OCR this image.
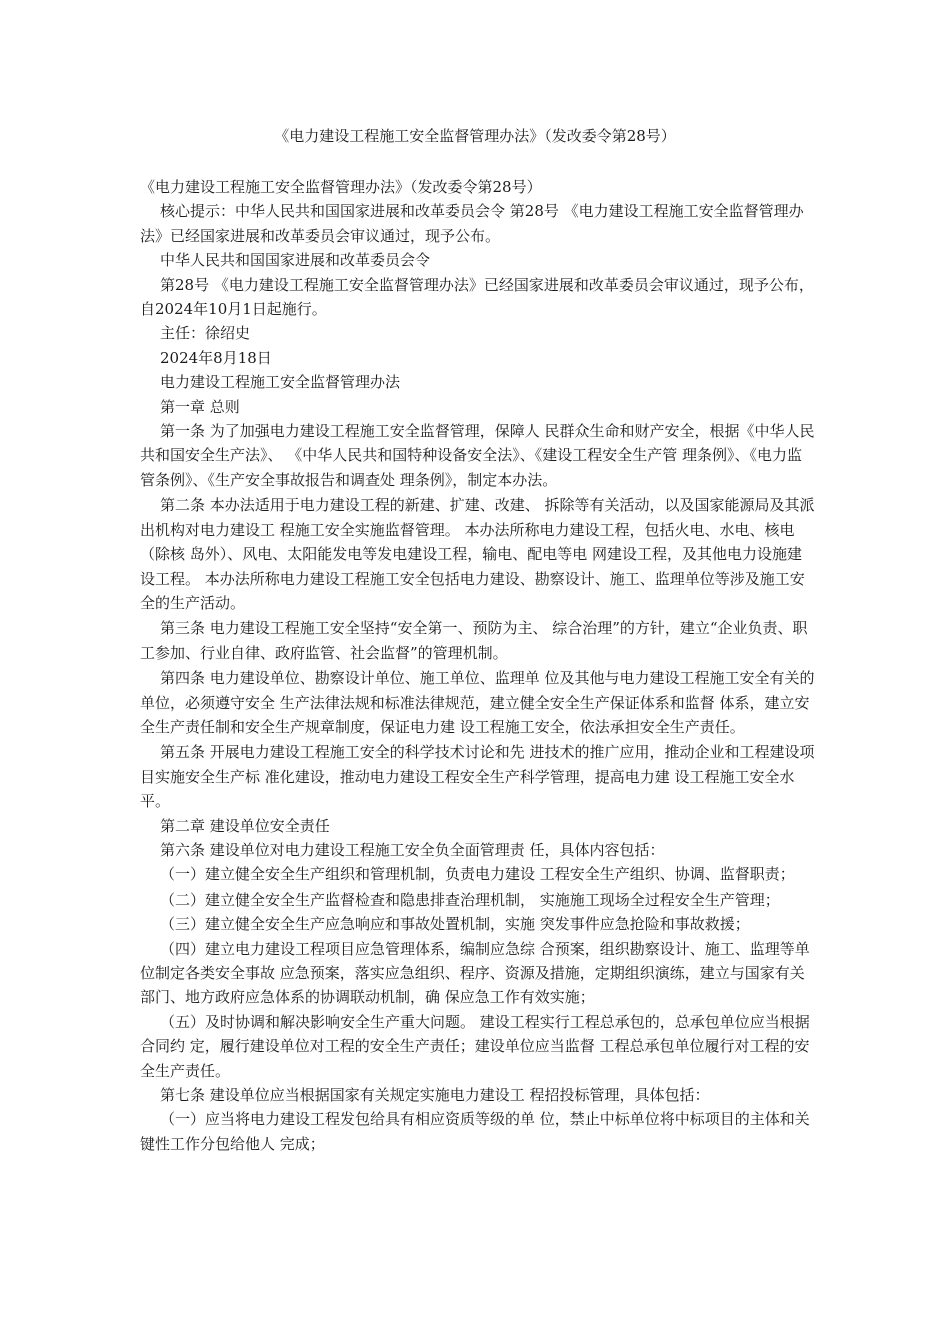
《电力建设工程施工安全监督管理办法》（发改委令第28号）

《电力建设工程施工安全监督管理办法》（发改委令第28号）

核心提示：中华人民共和国国家进展和改革委员会令 第28号 《电力建设工程施工安全监督管理办法》已经国家进展和改革委员会审议通过，现予公布。

中华人民共和国国家进展和改革委员会令

第28号 《电力建设工程施工安全监督管理办法》已经国家进展和改革委员会审议通过，现予公布，自2024年10月1日起施行。

主任：徐绍史

2024年8月18日

电力建设工程施工安全监督管理办法

第一章 总则

第一条 为了加强电力建设工程施工安全监督管理，保障人 民群众生命和财产安全，根据《中华人民共和国安全生产法》、 《中华人民共和国特种设备安全法》、《建设工程安全生产管 理条例》、《电力监管条例》、《生产安全事故报告和调查处 理条例》，制定本办法。

第二条 本办法适用于电力建设工程的新建、扩建、改建、 拆除等有关活动，以及国家能源局及其派出机构对电力建设工 程施工安全实施监督管理。 本办法所称电力建设工程，包括火电、水电、核电（除核 岛外）、风电、太阳能发电等发电建设工程，输电、配电等电 网建设工程，及其他电力设施建设工程。 本办法所称电力建设工程施工安全包括电力建设、勘察设计、施工、监理单位等涉及施工安全的生产活动。

第三条 电力建设工程施工安全坚持“安全第一、预防为主、 综合治理”的方针，建立“企业负责、职工参加、行业自律、政府监管、社会监督”的管理机制。

第四条 电力建设单位、勘察设计单位、施工单位、监理单 位及其他与电力建设工程施工安全有关的单位，必须遵守安全 生产法律法规和标准法律规范，建立健全安全生产保证体系和监督 体系，建立安全生产责任制和安全生产规章制度，保证电力建 设工程施工安全，依法承担安全生产责任。

第五条 开展电力建设工程施工安全的科学技术讨论和先 进技术的推广应用，推动企业和工程建设项目实施安全生产标 准化建设，推动电力建设工程安全生产科学管理，提高电力建 设工程施工安全水平。

第二章 建设单位安全责任

第六条 建设单位对电力建设工程施工安全负全面管理责 任，具体内容包括：

（一）建立健全安全生产组织和管理机制，负责电力建设 工程安全生产组织、协调、监督职责；

（二）建立健全安全生产监督检查和隐患排查治理机制， 实施施工现场全过程安全生产管理；

（三）建立健全安全生产应急响应和事故处置机制，实施 突发事件应急抢险和事故救援；

（四）建立电力建设工程项目应急管理体系，编制应急综 合预案，组织勘察设计、施工、监理等单位制定各类安全事故 应急预案，落实应急组织、程序、资源及措施，定期组织演练，建立与国家有关部门、地方政府应急体系的协调联动机制，确 保应急工作有效实施；

（五）及时协调和解决影响安全生产重大问题。 建设工程实行工程总承包的，总承包单位应当根据合同约 定，履行建设单位对工程的安全生产责任；建设单位应当监督 工程总承包单位履行对工程的安全生产责任。

第七条 建设单位应当根据国家有关规定实施电力建设工 程招投标管理，具体包括：

（一）应当将电力建设工程发包给具有相应资质等级的单 位，禁止中标单位将中标项目的主体和关键性工作分包给他人 完成；
